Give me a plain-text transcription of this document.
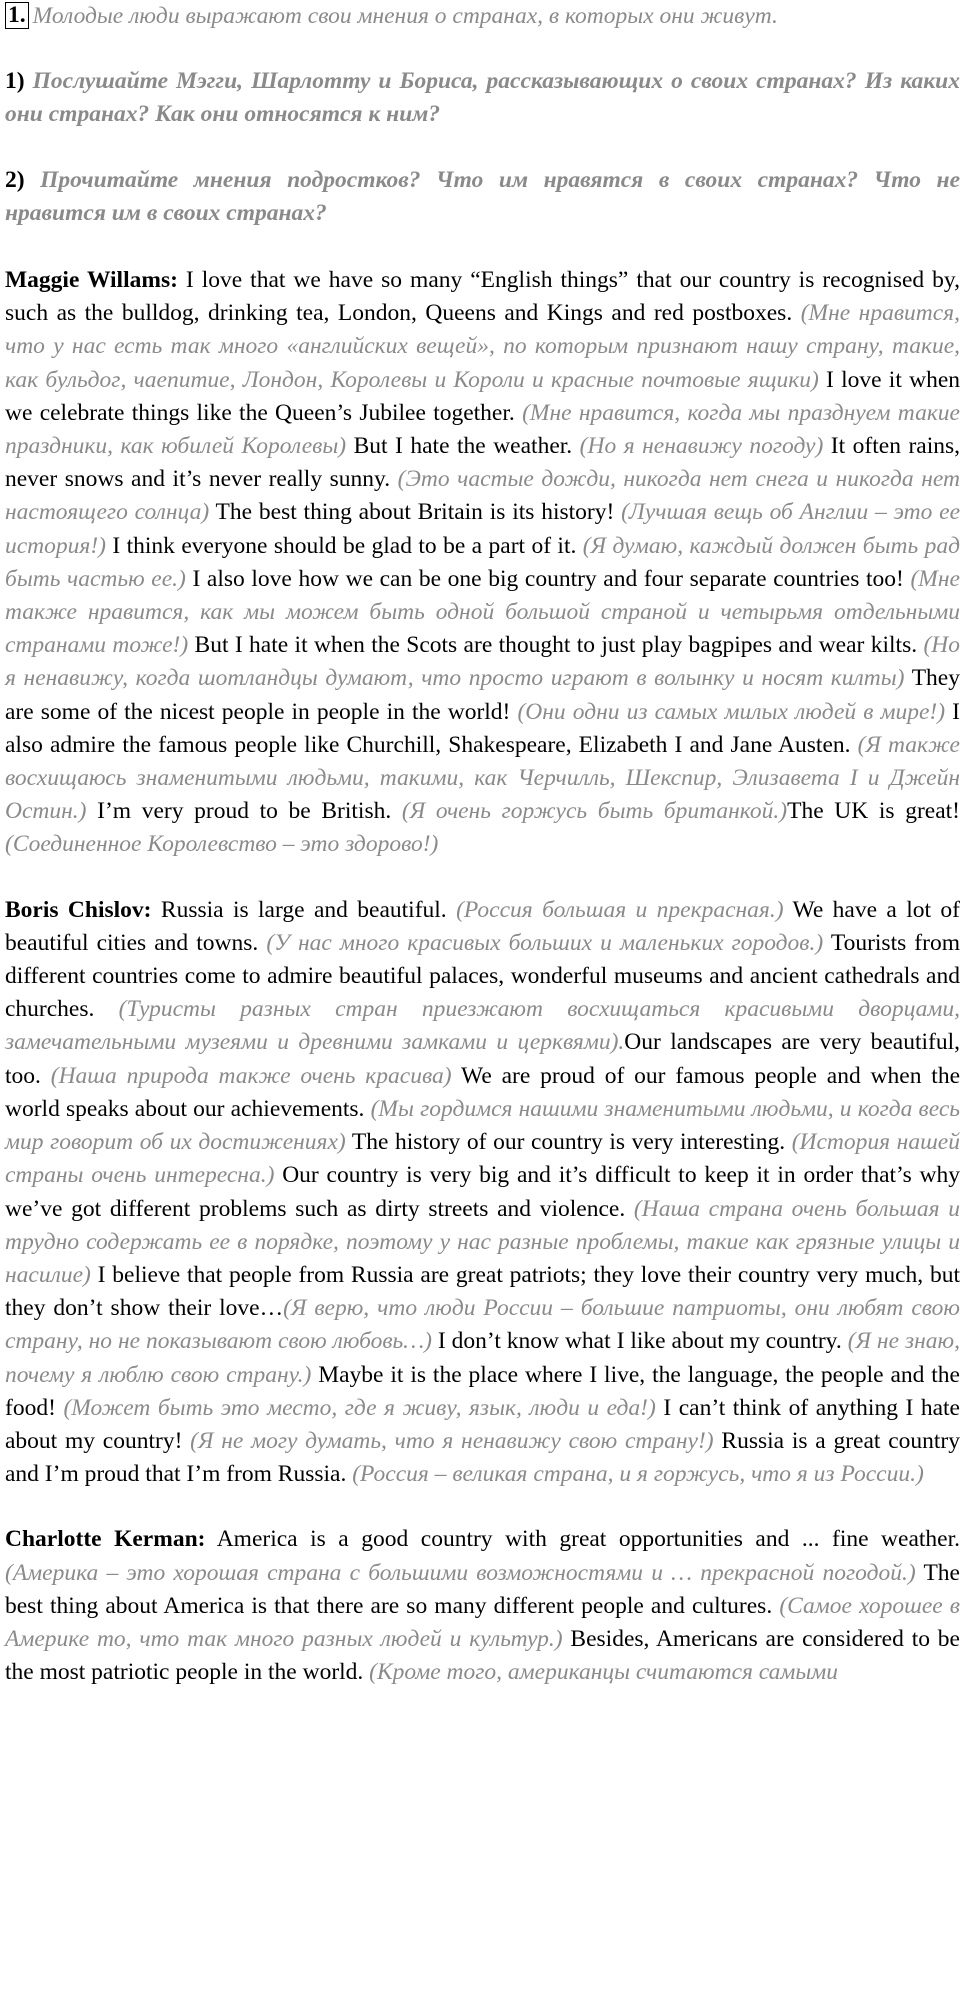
1. Молодые люди выражают свои мнения о странах, в которых они живут.

1) Послушайте Мэгги, Шарлотту и Бориса, рассказывающих о своих странах? Из каких они странах? Как они относятся к ним?

2) Прочитайте мнения подростков? Что им нравятся в своих странах? Что не нравится им в своих странах?

Maggie Willams: I love that we have so many “English things” that our country is recognised by, such as the bulldog, drinking tea, London, Queens and Kings and red postboxes. (Мне нравится, что у нас есть так много «английских вещей», по которым признают нашу страну, такие, как бульдог, чаепитие, Лондон, Королевы и Короли и красные почтовые ящики) I love it when we celebrate things like the Queen’s Jubilee together. (Мне нравится, когда мы празднуем такие праздники, как юбилей Королевы) But I hate the weather. (Но я ненавижу погоду) It often rains, never snows and it’s never really sunny. (Это частые дожди, никогда нет снега и никогда нет настоящего солнца) The best thing about Britain is its history! (Лучшая вещь об Англии – это ее история!) I think everyone should be glad to be a part of it. (Я думаю, каждый должен быть рад быть частью ее.) I also love how we can be one big country and four separate countries too! (Мне также нравится, как мы можем быть одной большой страной и четырьмя отдельными странами тоже!) But I hate it when the Scots are thought to just play bagpipes and wear kilts. (Но я ненавижу, когда шотландцы думают, что просто играют в волынку и носят килты) They are some of the nicest people in people in the world! (Они одни из самых милых людей в мире!) I also admire the famous people like Churchill, Shakespeare, Elizabeth I and Jane Austen. (Я также восхищаюсь знаменитыми людьми, такими, как Черчилль, Шекспир, Элизавета I и Джейн Остин.) I’m very proud to be British. (Я очень горжусь быть британкой.)The UK is great! (Соединенное Королевство – это здорово!)

Boris Chislov: Russia is large and beautiful. (Россия большая и прекрасная.) We have a lot of beautiful cities and towns. (У нас много красивых больших и маленьких городов.) Tourists from different countries come to admire beautiful palaces, wonderful museums and ancient cathedrals and churches. (Туристы разных стран приезжают восхищаться красивыми дворцами, замечательными музеями и древними замками и церквями).Our landscapes are very beautiful, too. (Наша природа также очень красива) We are proud of our famous people and when the world speaks about our achievements. (Мы гордимся нашими знаменитыми людьми, и когда весь мир говорит об их достижениях) The history of our country is very interesting. (История нашей страны очень интересна.) Our country is very big and it’s difficult to keep it in order that’s why we’ve got different problems such as dirty streets and violence. (Наша страна очень большая и трудно содержать ее в порядке, поэтому у нас разные проблемы, такие как грязные улицы и насилие) I believe that people from Russia are great patriots; they love their country very much, but they don’t show their love…(Я верю, что люди России – большие патриоты, они любят свою страну, но не показывают свою любовь…) I don’t know what I like about my country. (Я не знаю, почему я люблю свою страну.) Maybe it is the place where I live, the language, the people and the food! (Может быть это место, где я живу, язык, люди и еда!) I can’t think of anything I hate about my country! (Я не могу думать, что я ненавижу свою страну!) Russia is a great country and I’m proud that I’m from Russia. (Россия – великая страна, и я горжусь, что я из России.)

Charlotte Kerman: America is a good country with great opportunities and ... fine weather. (Америка – это хорошая страна с большими возможностями и … прекрасной погодой.) The best thing about America is that there are so many different people and cultures. (Самое хорошее в Америке то, что так много разных людей и культур.) Besides, Americans are considered to be the most patriotic people in the world. (Кроме того, американцы считаются самыми
